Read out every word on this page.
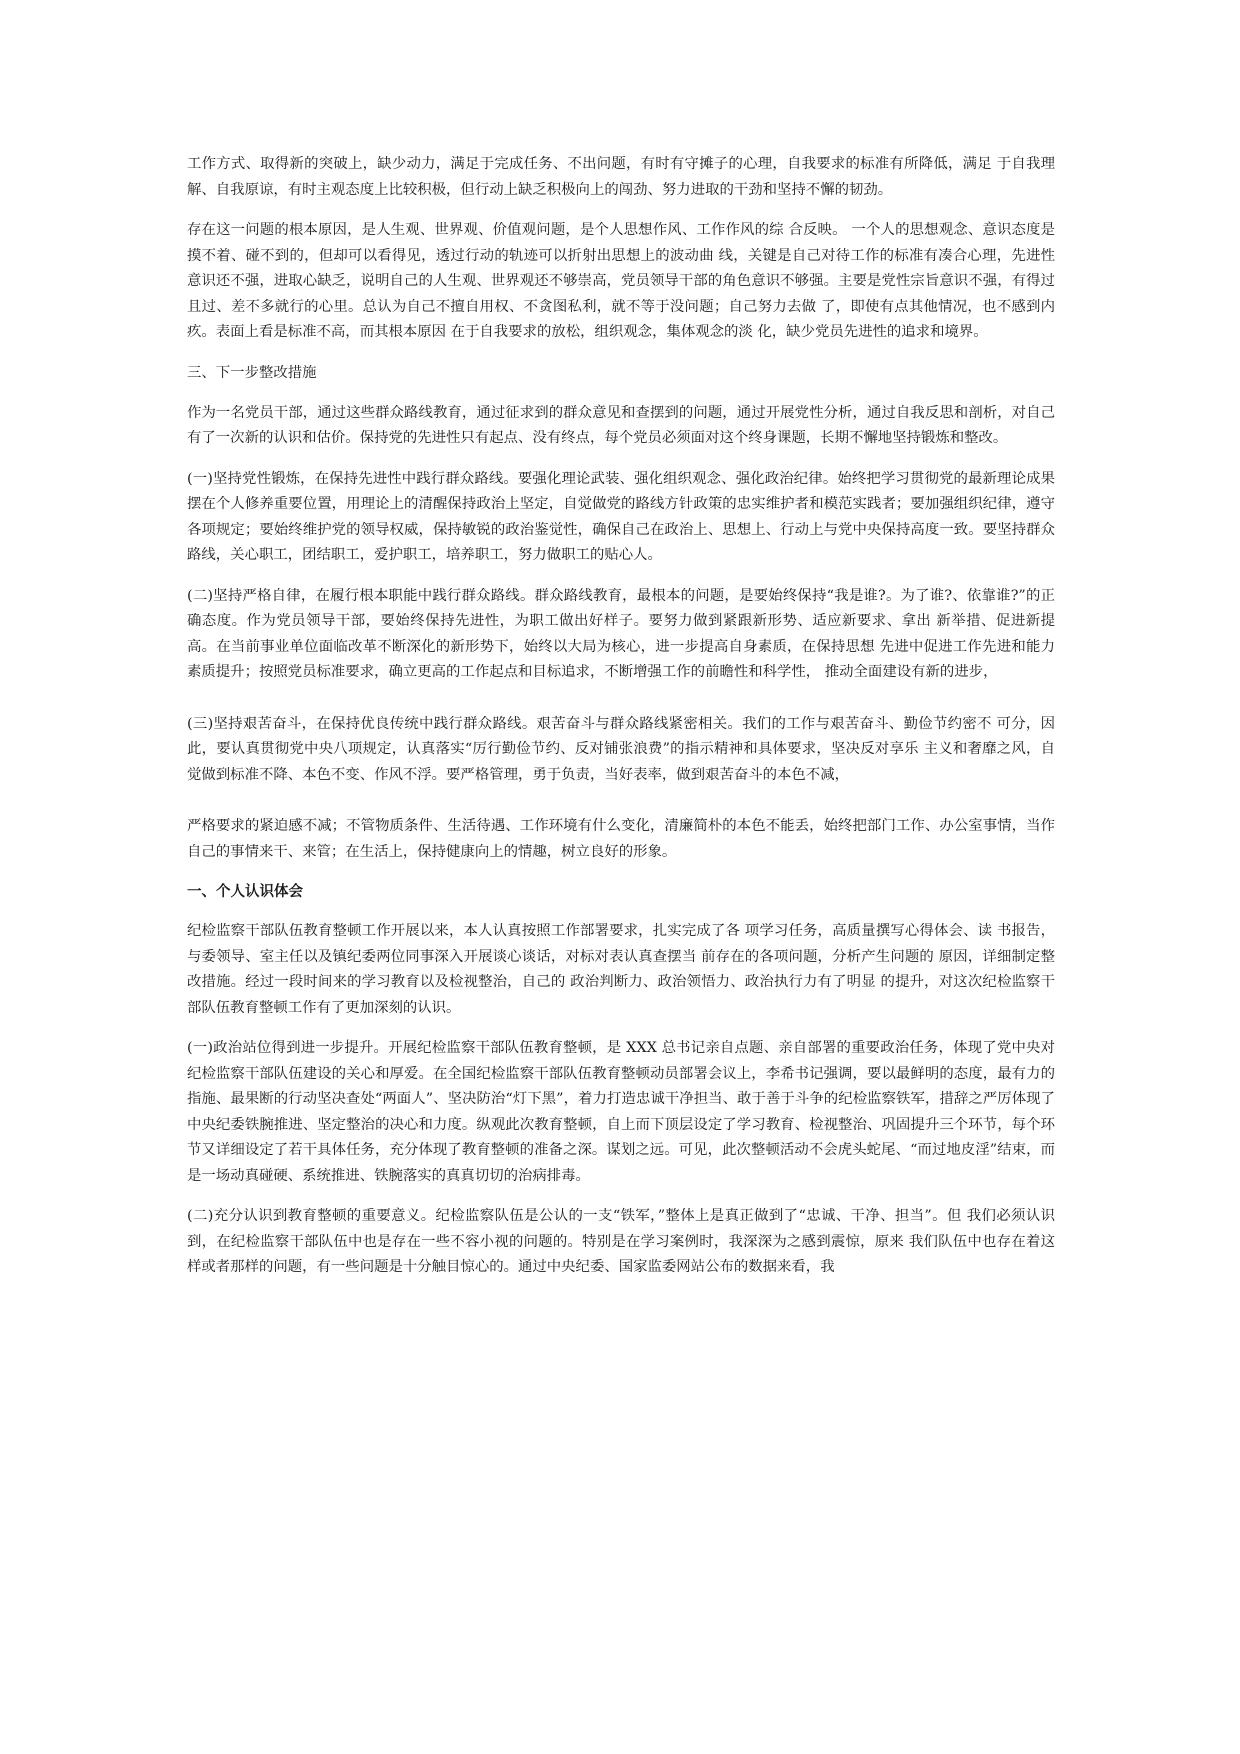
工作方式、取得新的突破上，缺少动力，满足于完成任务、不出问题，有时有守摊子的心理，自我要求的标准有所降低，满足 于自我理解、自我原谅，有时主观态度上比较积极，但行动上缺乏积极向上的闯劲、努力进取的干劲和坚持不懈的韧劲。

存在这一问题的根本原因，是人生观、世界观、价值观问题，是个人思想作风、工作作风的综 合反映。 一个人的思想观念、意识态度是摸不着、碰不到的，但却可以看得见，透过行动的轨迹可以折射出思想上的波动曲 线，关键是自己对待工作的标准有凑合心理，先进性意识还不强，进取心缺乏，说明自己的人生观、世界观还不够崇高，党员领导干部的角色意识不够强。主要是党性宗旨意识不强，有得过且过、差不多就行的心里。总认为自己不擅自用权、不贪图私利，就不等于没问题；自己努力去做 了，即使有点其他情况，也不感到内疚。表面上看是标准不高，而其根本原因 在于自我要求的放松，组织观念，集体观念的淡 化，缺少党员先进性的追求和境界。

三、下一步整改措施

作为一名党员干部，通过这些群众路线教育，通过征求到的群众意见和查摆到的问题，通过开展党性分析，通过自我反思和剖析，对自己有了一次新的认识和估价。保持党的先进性只有起点、没有终点，每个党员必须面对这个终身课题，长期不懈地坚持锻炼和整改。

(一)坚持党性锻炼，在保持先进性中践行群众路线。要强化理论武装、强化组织观念、强化政治纪律。始终把学习贯彻党的最新理论成果摆在个人修养重要位置，用理论上的清醒保持政治上坚定，自觉做党的路线方针政策的忠实维护者和模范实践者；要加强组织纪律，遵守各项规定；要始终维护党的领导权威，保持敏锐的政治鉴觉性，确保自己在政治上、思想上、行动上与党中央保持高度一致。要坚持群众路线，关心职工，团结职工，爱护职工，培养职工，努力做职工的贴心人。

(二)坚持严格自律，在履行根本职能中践行群众路线。群众路线教育，最根本的问题，是要始终保持“我是谁?。为了谁?、依靠谁?”的正确态度。作为党员领导干部，要始终保持先进性，为职工做出好样子。要努力做到紧跟新形势、适应新要求、拿出 新举措、促进新提高。在当前事业单位面临改革不断深化的新形势下，始终以大局为核心，进一步提高自身素质，在保持思想 先进中促进工作先进和能力素质提升；按照党员标准要求，确立更高的工作起点和目标追求，不断增强工作的前瞻性和科学性， 推动全面建设有新的进步，

(三)坚持艰苦奋斗，在保持优良传统中践行群众路线。艰苦奋斗与群众路线紧密相关。我们的工作与艰苦奋斗、勤俭节约密不 可分，因此，要认真贯彻党中央八项规定，认真落实“厉行勤俭节约、反对铺张浪费”的指示精神和具体要求，坚决反对享乐 主义和奢靡之风，自觉做到标准不降、本色不变、作风不浮。要严格管理，勇于负责，当好表率，做到艰苦奋斗的本色不减，

严格要求的紧迫感不减；不管物质条件、生活待遇、工作环境有什么变化，清廉简朴的本色不能丢，始终把部门工作、办公室事情，当作自己的事情来干、来管；在生活上，保持健康向上的情趣，树立良好的形象。

一、个人认识体会

纪检监察干部队伍教育整顿工作开展以来，本人认真按照工作部署要求，扎实完成了各 项学习任务，高质量撰写心得体会、读 书报告，与委领导、室主任以及镇纪委两位同事深入开展谈心谈话，对标对表认真查摆当 前存在的各项问题，分析产生问题的 原因，详细制定整改措施。经过一段时间来的学习教育以及检视整治，自己的 政治判断力、政治领悟力、政治执行力有了明显 的提升，对这次纪检监察干部队伍教育整顿工作有了更加深刻的认识。

(一)政治站位得到进一步提升。开展纪检监察干部队伍教育整顿，是 XXX 总书记亲自点题、亲自部署的重要政治任务，体现了党中央对纪检监察干部队伍建设的关心和厚爱。在全国纪检监察干部队伍教育整顿动员部署会议上，李希书记强调，要以最鲜明的态度，最有力的指施、最果断的行动坚决查处“两面人”、坚决防治“灯下黑”，着力打造忠诚干净担当、敢于善于斗争的纪检监察铁军，措辞之严厉体现了中央纪委铁腕推进、坚定整治的决心和力度。纵观此次教育整顿，自上而下顶层设定了学习教育、检视整治、巩固提升三个环节，每个环节又详细设定了若干具体任务，充分体现了教育整顿的准备之深。谋划之远。可见，此次整顿活动不会虎头蛇尾、“而过地皮淫”结束，而是一场动真碰硬、系统推进、铁腕落实的真真切切的治病排毒。

(二)充分认识到教育整顿的重要意义。纪检监察队伍是公认的一支“铁军，”整体上是真正做到了“忠诚、干净、担当”。但 我们必须认识到，在纪检监察干部队伍中也是存在一些不容小视的问题的。特别是在学习案例时，我深深为之感到震惊，原来 我们队伍中也存在着这样或者那样的问题，有一些问题是十分触目惊心的。通过中央纪委、国家监委网站公布的数据来看，我
